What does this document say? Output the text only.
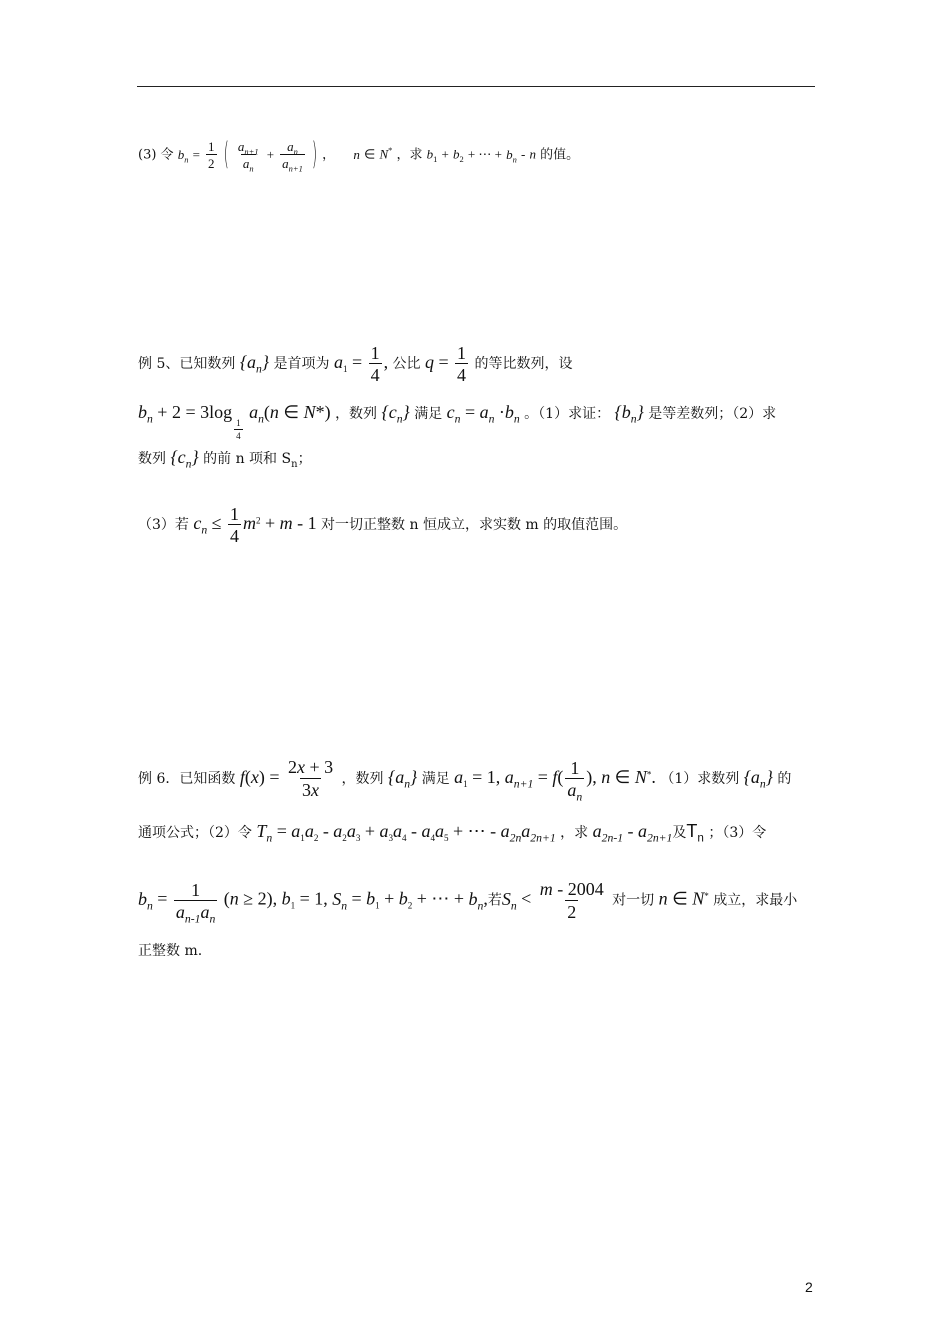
(3) 令 $b_n = \frac{1}{2}$ ( $\frac{a_{n+1}}{a_n} + \frac{a_n}{a_{n+1}}$ ) ， n ∈ N* ，求 $b_1 + b_2$ + ⋯ + $b_n$ - n 的值。
例 5、已知数列 $\{a_n\}$ 是首项为 $a_1 = \frac{1}{4}$ , 公比 $q = \frac{1}{4}$ 的等比数列，设
$b_n + 2 = 3\log$
$\frac{1}{4}$
$a_n(n$ ∈ N*) ，数列 $\{c_n\}$ 满足 $c_n = a_n \cdot b_n$ 。（1）求证： $\{b_n\}$ 是等差数列；（2）求
数列 $\{c_n\}$ 的前 n 项和 $S_n$；
（3）若 $c_n \le \frac{1}{4} m^2 + m - 1$ 对一切正整数 n 恒成立，求实数 m 的取值范围。
例 6．已知函数 $f(x) = \frac{2x + 3}{3x}$ ，数列 $\{a_n\}$ 满足 $a_1 = 1$, $a_{n+1} = f( \frac{1}{a_n}$ ), n ∈ N*. （1）求数列 $\{a_n\}$ 的
通项公式；（2）令 $T_n = a_1a_2 - a_2a_3 + a_3a_4 - a_4a_5$ + ⋯ - $a_{2n}a_{2n+1}$ ，求 $a_{2n-1} - a_{2n+1}$及$T_n$ ；（3）令
$b_n = \frac{1}{a_{n-1}a_n} (n \ge 2)$, $b_1 = 1$, $S_n = b_1 + b_2$ + ⋯ + $b_n$,若$S_n < \frac{m - 2004}{2}$ 对一切 n ∈ N* 成立，求最小
正整数 m.
2
